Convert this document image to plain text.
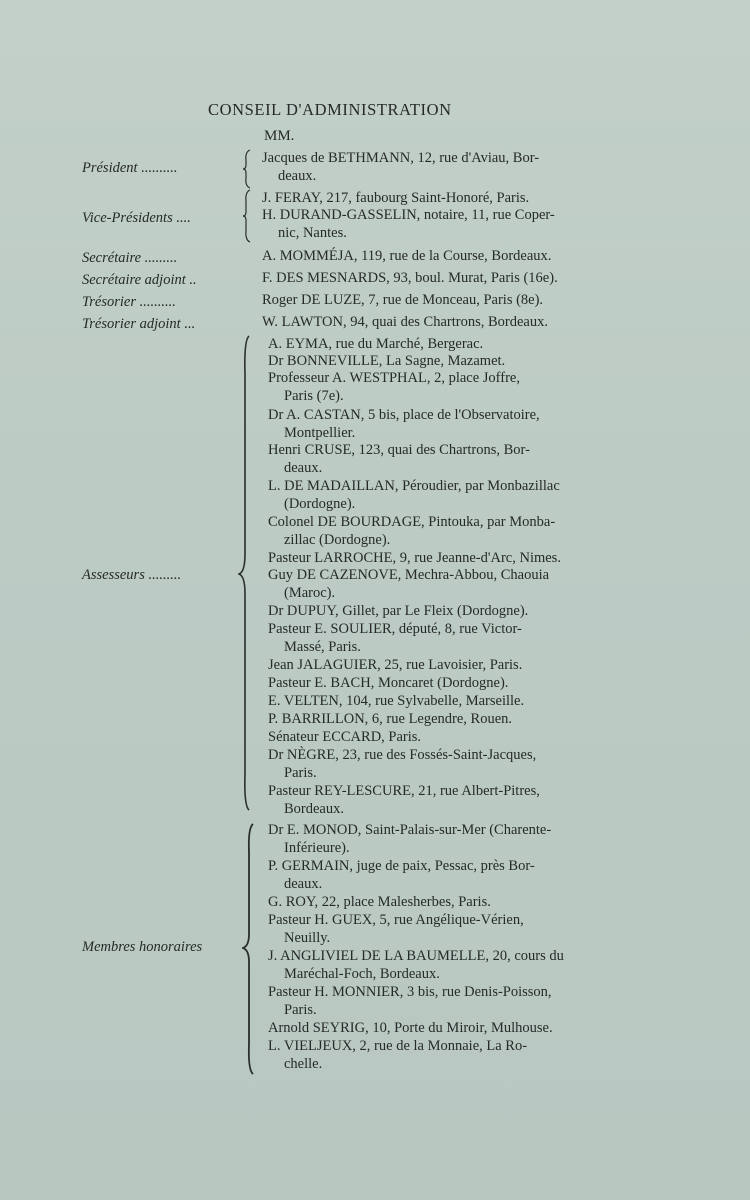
CONSEIL D'ADMINISTRATION
MM.
Président ..........
Vice-Présidents ....
Secrétaire .........
Secrétaire adjoint ..
Trésorier ..........
Trésorier adjoint ...
Assesseurs .........
Membres honoraires
Jacques de BETHMANN, 12, rue d'Aviau, Bor-
deaux.
J. FERAY, 217, faubourg Saint-Honoré, Paris.
H. DURAND-GASSELIN, notaire, 11, rue Coper-
nic, Nantes.
A. MOMMÉJA, 119, rue de la Course, Bordeaux.
F. DES MESNARDS, 93, boul. Murat, Paris (16e).
Roger DE LUZE, 7, rue de Monceau, Paris (8e).
W. LAWTON, 94, quai des Chartrons, Bordeaux.
A. EYMA, rue du Marché, Bergerac.
Dr BONNEVILLE, La Sagne, Mazamet.
Professeur A. WESTPHAL, 2, place Joffre,
Paris (7e).
Dr A. CASTAN, 5 bis, place de l'Observatoire,
Montpellier.
Henri CRUSE, 123, quai des Chartrons, Bor-
deaux.
L. DE MADAILLAN, Péroudier, par Monbazillac
(Dordogne).
Colonel DE BOURDAGE, Pintouka, par Monba-
zillac (Dordogne).
Pasteur LARROCHE, 9, rue Jeanne-d'Arc, Nimes.
Guy DE CAZENOVE, Mechra-Abbou, Chaouia
(Maroc).
Dr DUPUY, Gillet, par Le Fleix (Dordogne).
Pasteur E. SOULIER, député, 8, rue Victor-
Massé, Paris.
Jean JALAGUIER, 25, rue Lavoisier, Paris.
Pasteur E. BACH, Moncaret (Dordogne).
E. VELTEN, 104, rue Sylvabelle, Marseille.
P. BARRILLON, 6, rue Legendre, Rouen.
Sénateur ECCARD, Paris.
Dr NÈGRE, 23, rue des Fossés-Saint-Jacques,
Paris.
Pasteur REY-LESCURE, 21, rue Albert-Pitres,
Bordeaux.
Dr E. MONOD, Saint-Palais-sur-Mer (Charente-
Inférieure).
P. GERMAIN, juge de paix, Pessac, près Bor-
deaux.
G. ROY, 22, place Malesherbes, Paris.
Pasteur H. GUEX, 5, rue Angélique-Vérien,
Neuilly.
J. ANGLIVIEL DE LA BAUMELLE, 20, cours du
Maréchal-Foch, Bordeaux.
Pasteur H. MONNIER, 3 bis, rue Denis-Poisson,
Paris.
Arnold SEYRIG, 10, Porte du Miroir, Mulhouse.
L. VIELJEUX, 2, rue de la Monnaie, La Ro-
chelle.
